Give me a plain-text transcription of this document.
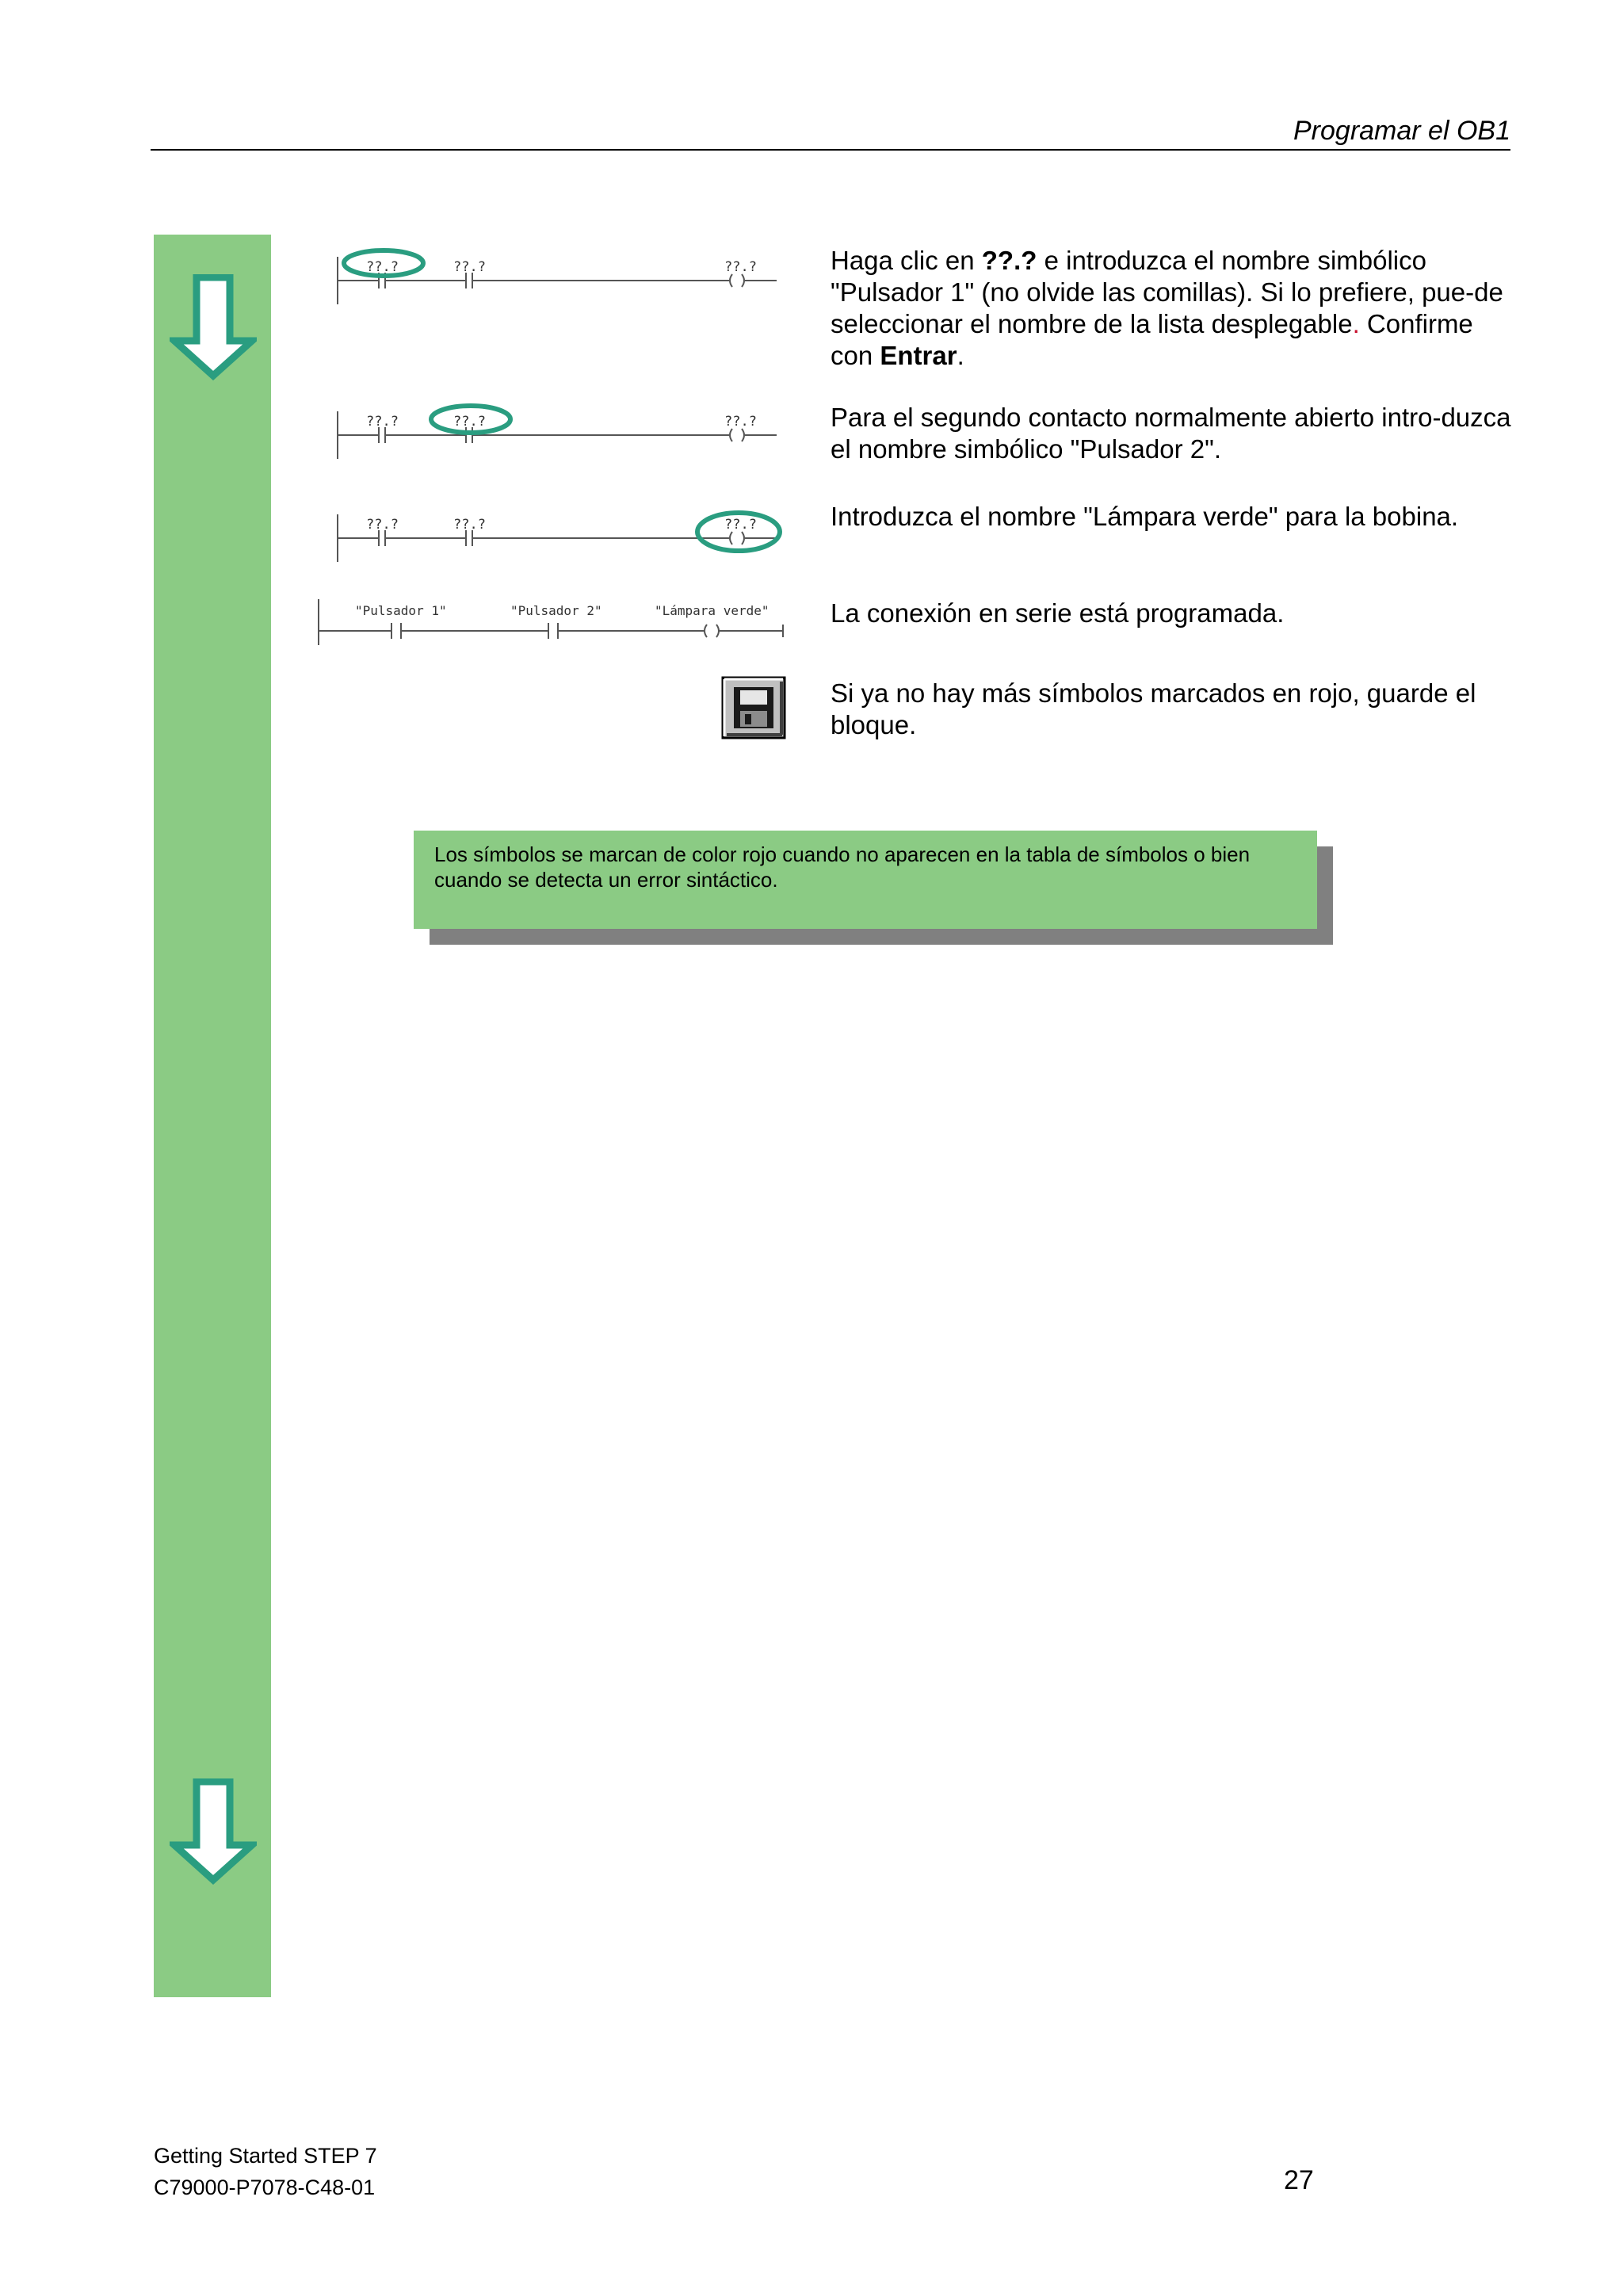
Programar el OB1
??.?	??.?	??.?
??.?	??.?	??.?
??.?	??.?	??.?
"Pulsador 1"	"Pulsador 2"	"Lámpara verde"

Haga clic en ??.? e introduzca el nombre simbólico "Pulsador 1" (no olvide las comillas). Si lo prefiere, pue-de seleccionar el nombre de la lista desplegable. Confirme con Entrar.

Para el segundo contacto normalmente abierto intro-duzca el nombre simbólico "Pulsador 2".
Introduzca el nombre "Lámpara verde" para la bobina.
La conexión en serie está programada.
Si ya no hay más símbolos marcados en rojo, guarde el bloque.
Los símbolos se marcan de color rojo cuando no aparecen en la tabla de símbolos o bien cuando se detecta un error sintáctico.
Getting Started STEP 7
C79000-P7078-C48-01	27
